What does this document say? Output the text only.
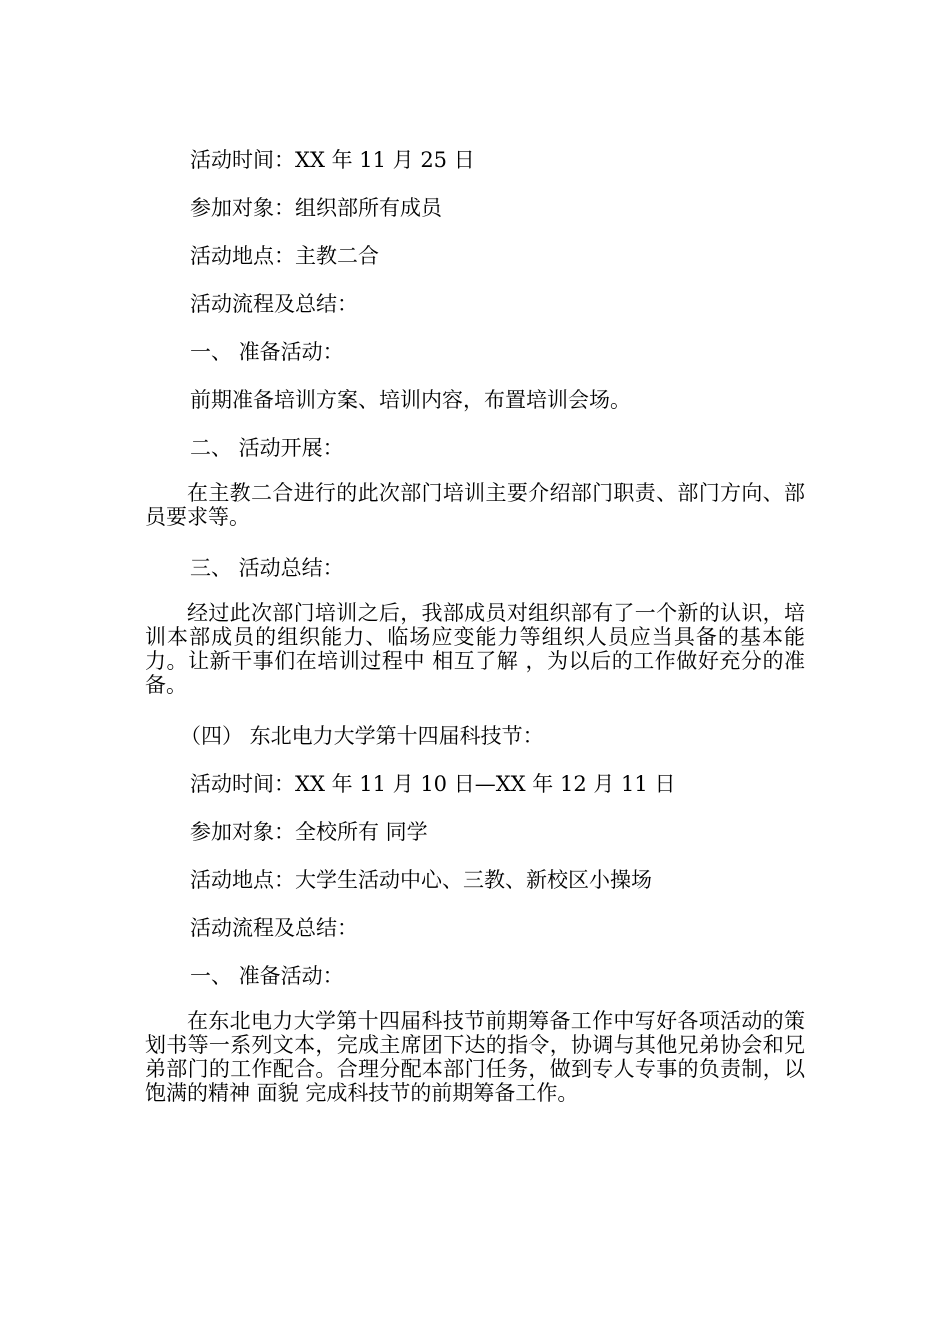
活动时间：XX 年 11 月 25 日

参加对象：组织部所有成员

活动地点：主教二合

活动流程及总结：

一、 准备活动：

前期准备培训方案、培训内容，布置培训会场。

二、 活动开展：

在主教二合进行的此次部门培训主要介绍部门职责、部门方向、部员要求等。

三、 活动总结：

经过此次部门培训之后，我部成员对组织部有了一个新的认识，培训本部成员的组织能力、临场应变能力等组织人员应当具备的基本能力。让新干事们在培训过程中 相互了解 ，为以后的工作做好充分的准备。

（四） 东北电力大学第十四届科技节：

活动时间：XX 年 11 月 10 日—XX 年 12 月 11 日

参加对象：全校所有 同学

活动地点：大学生活动中心、三教、新校区小操场

活动流程及总结：

一、 准备活动：

在东北电力大学第十四届科技节前期筹备工作中写好各项活动的策划书等一系列文本，完成主席团下达的指令，协调与其他兄弟协会和兄弟部门的工作配合。合理分配本部门任务，做到专人专事的负责制，以饱满的精神 面貌 完成科技节的前期筹备工作。
